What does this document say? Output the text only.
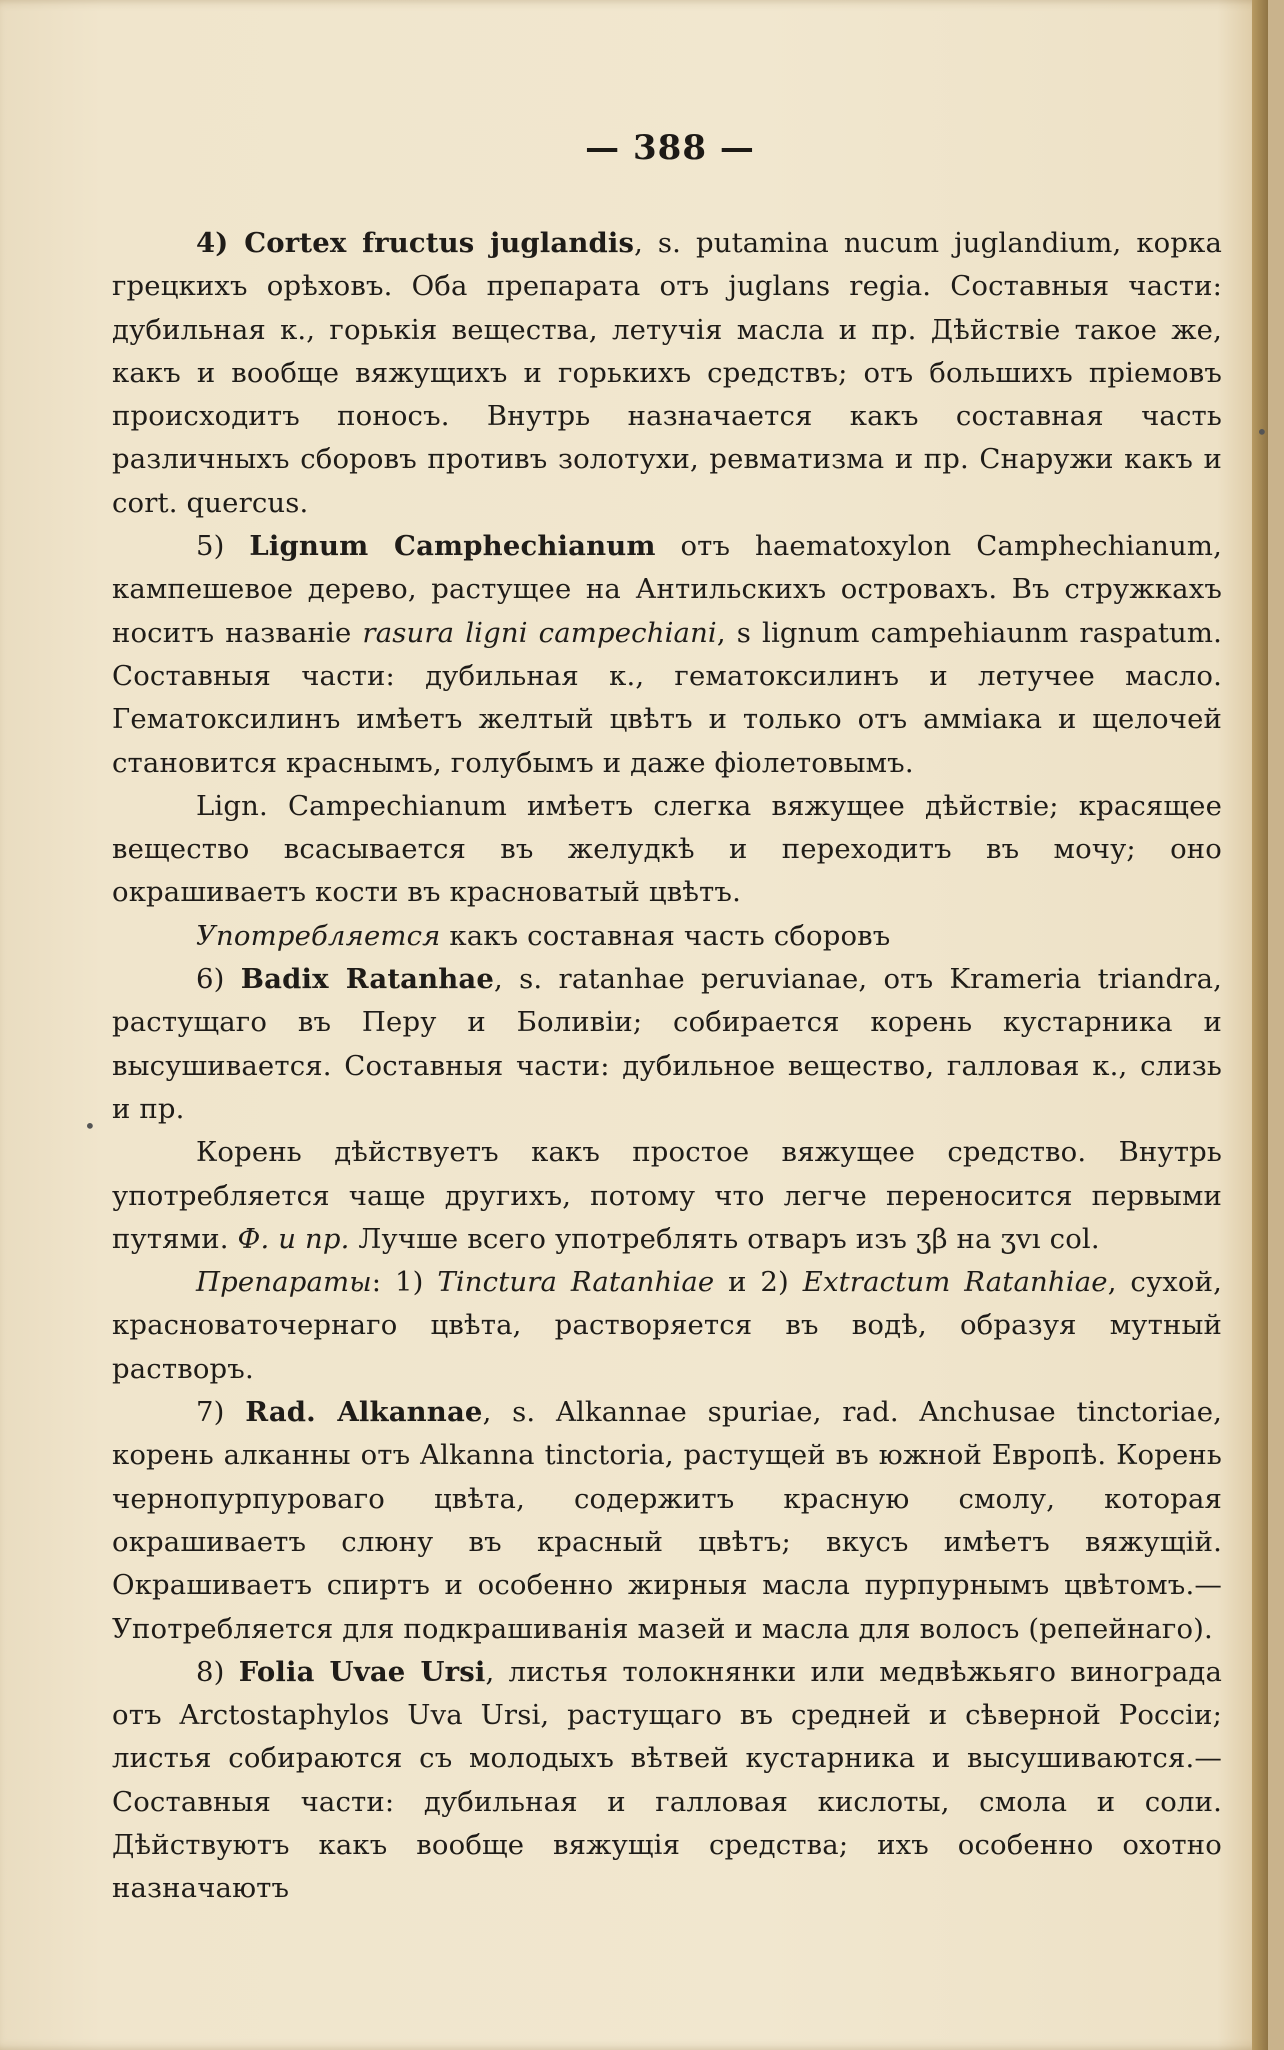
— 388 —

4) Cortex fructus juglandis, s. putamina nucum juglandium, корка грецкихъ орѣховъ. Оба препарата отъ juglans regia. Составныя части: дубильная к., горькія вещества, летучія масла и пр. Дѣйствіе такое же, какъ и вообще вяжущихъ и горькихъ средствъ; отъ большихъ пріемовъ происходитъ поносъ. Внутрь назначается какъ составная часть различныхъ сборовъ противъ золотухи, ревматизма и пр. Снаружи какъ и cort. quercus.

5) Lignum Campheсhianum отъ haematoxylon Campheсhianum, кампешевое дерево, растущее на Антильскихъ островахъ. Въ стружкахъ носитъ названіе rasura ligni campechiani, s lignum campehiaunm raspatum. Составныя части: дубильная к., гематоксилинъ и летучее масло. Гематоксилинъ имѣетъ желтый цвѣтъ и только отъ амміака и щелочей становится краснымъ, голубымъ и даже фіолетовымъ.

Lign. Campechianum имѣетъ слегка вяжущее дѣйствіе; красящее вещество всасывается въ желудкѣ и переходитъ въ мочу; оно окрашиваетъ кости въ красноватый цвѣтъ.

Употребляется какъ составная часть сборовъ

6) Badix Ratanhae, s. ratanhae peruvianae, отъ Krameria triandra, растущаго въ Перу и Боливіи; собирается корень кустарника и высушивается. Составныя части: дубильное вещество, галловая к., слизь и пр.

Корень дѣйствуетъ какъ простое вяжущее средство. Внутрь употребляется чаще другихъ, потому что легче переносится первыми путями. Ф. и пр. Лучше всего употреблять отваръ изъ ʒβ на ʒvı col.

Препараты: 1) Tinctura Ratanhiae и 2) Extractum Ratanhiae, сухой, красноваточернаго цвѣта, растворяется въ водѣ, образуя мутный растворъ.

7) Rad. Alkannae, s. Alkannae spuriae, rad. Anchusae tinctoriae, корень алканны отъ Alkanna tinctoria, растущей въ южной Европѣ. Корень чернопурпуроваго цвѣта, содержитъ красную смолу, которая окрашиваетъ слюну въ красный цвѣтъ; вкусъ имѣетъ вяжущій. Окрашиваетъ спиртъ и особенно жирныя масла пурпурнымъ цвѣтомъ.—Употребляется для подкрашиванія мазей и масла для волосъ (репейнаго).

8) Folia Uvae Ursi, листья толокнянки или медвѣжьяго винограда отъ Arctostaphylos Uva Ursi, растущаго въ средней и сѣверной Россіи; листья собираются съ молодыхъ вѣтвей кустарника и высушиваются.— Составныя части: дубильная и галловая кислоты, смола и соли. Дѣйствуютъ какъ вообще вяжущія средства; ихъ особенно охотно назначаютъ

•
•
